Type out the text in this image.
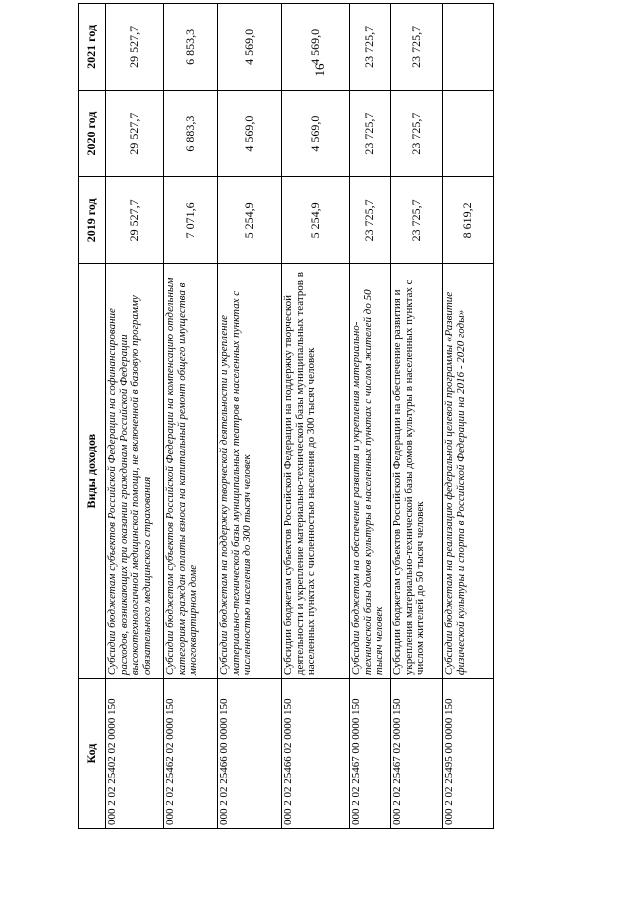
16
Код	Виды доходов	2019 год	2020 год	2021 год
000 2 02 25402 02 0000 150	Субсидии бюджетам субъектов Российской Федерации на софинансирование расходов, возникающих при оказании гражданам Российской Федерации высокотехнологичной медицинской помощи, не включенной в базовую программу обязательного медицинского страхования	29 527,7	29 527,7	29 527,7
000 2 02 25462 02 0000 150	Субсидии бюджетам субъектов Российской Федерации на компенсацию отдельным категориям граждан оплаты взноса на капитальный ремонт общего имущества в многоквартирном доме	7 071,6	6 883,3	6 853,3
000 2 02 25466 00 0000 150	Субсидии бюджетам на поддержку творческой деятельности и укрепление материально-технической базы муниципальных театров в населенных пунктах с численностью населения до 300 тысяч человек	5 254,9	4 569,0	4 569,0
000 2 02 25466 02 0000 150	Субсидии бюджетам субъектов Российской Федерации на поддержку творческой деятельности и укрепление материально-технической базы муниципальных театров в населенных пунктах с численностью населения до 300 тысяч человек	5 254,9	4 569,0	4 569,0
000 2 02 25467 00 0000 150	Субсидии бюджетам на обеспечение развития и укрепления материально-технической базы домов культуры в населенных пунктах с числом жителей до 50 тысяч человек	23 725,7	23 725,7	23 725,7
000 2 02 25467 02 0000 150	Субсидии бюджетам субъектов Российской Федерации на обеспечение развития и укрепления материально-технической базы домов культуры в населенных пунктах с числом жителей до 50 тысяч человек	23 725,7	23 725,7	23 725,7
000 2 02 25495 00 0000 150	Субсидии бюджетам на реализацию федеральной целевой программы «Развитие физической культуры и спорта в Российской Федерации на 2016 - 2020 годы»	8 619,2		
